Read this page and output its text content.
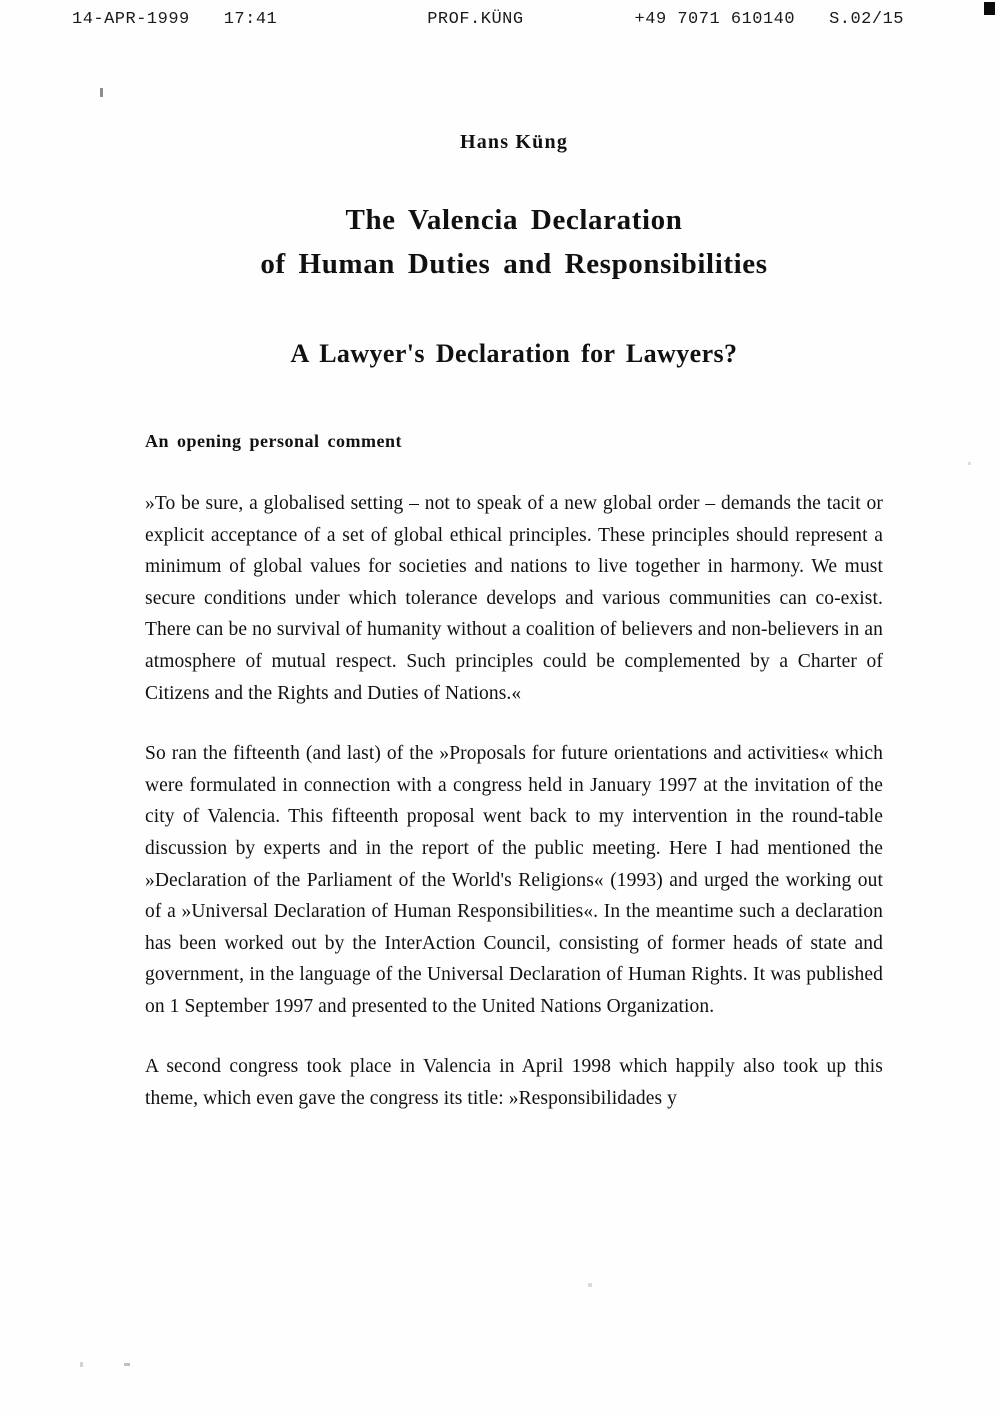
14-APR-1999 17:41	PROF.KÜNG	+49 7071 610140 S.02/15
Hans Küng
The Valencia Declaration
of Human Duties and Responsibilities
A Lawyer's Declaration for Lawyers?
An opening personal comment

»To be sure, a globalised setting – not to speak of a new global order – demands the tacit or explicit acceptance of a set of global ethical principles. These principles should represent a minimum of global values for societies and nations to live together in harmony. We must secure conditions under which tolerance develops and various communities can co-exist. There can be no survival of humanity without a coalition of believers and non-believers in an atmosphere of mutual respect. Such principles could be complemented by a Charter of Citizens and the Rights and Duties of Nations.«

So ran the fifteenth (and last) of the »Proposals for future orientations and activities« which were formulated in connection with a congress held in January 1997 at the invitation of the city of Valencia. This fifteenth proposal went back to my intervention in the round-table discussion by experts and in the report of the public meeting. Here I had mentioned the »Declaration of the Parliament of the World's Religions« (1993) and urged the working out of a »Universal Declaration of Human Responsibilities«. In the meantime such a declaration has been worked out by the InterAction Council, consisting of former heads of state and government, in the language of the Universal Declaration of Human Rights. It was published on 1 September 1997 and presented to the United Nations Organization.

A second congress took place in Valencia in April 1998 which happily also took up this theme, which even gave the congress its title: »Responsibilidades y
